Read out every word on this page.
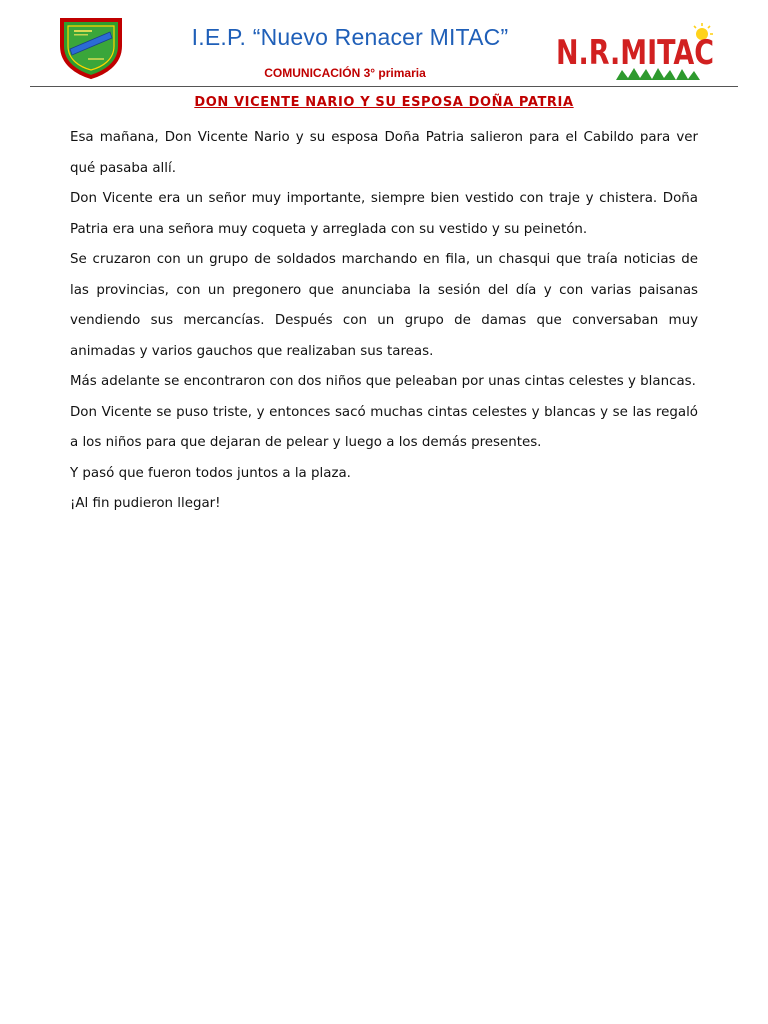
I.E.P. “Nuevo Renacer MITAC”
COMUNICACIÓN 3° primaria	N.R.MITAC
DON VICENTE NARIO Y SU ESPOSA DOÑA PATRIA

Esa mañana, Don Vicente Nario y su esposa Doña Patria salieron para el Cabildo para ver qué pasaba allí.

Don Vicente era un señor muy importante, siempre bien vestido con traje y chistera. Doña Patria era una señora muy coqueta y arreglada con su vestido y su peinetón.

Se cruzaron con un grupo de soldados marchando en fila, un chasqui que traía noticias de las provincias, con un pregonero que anunciaba la sesión del día y con varias paisanas vendiendo sus mercancías. Después con un grupo de damas que conversaban muy animadas y varios gauchos que realizaban sus tareas.

Más adelante se encontraron con dos niños que peleaban por unas cintas celestes y blancas.

Don Vicente se puso triste, y entonces sacó muchas cintas celestes y blancas y se las regaló a los niños para que dejaran de pelear y luego a los demás presentes.

Y pasó que fueron todos juntos a la plaza.

¡Al fin pudieron llegar!
